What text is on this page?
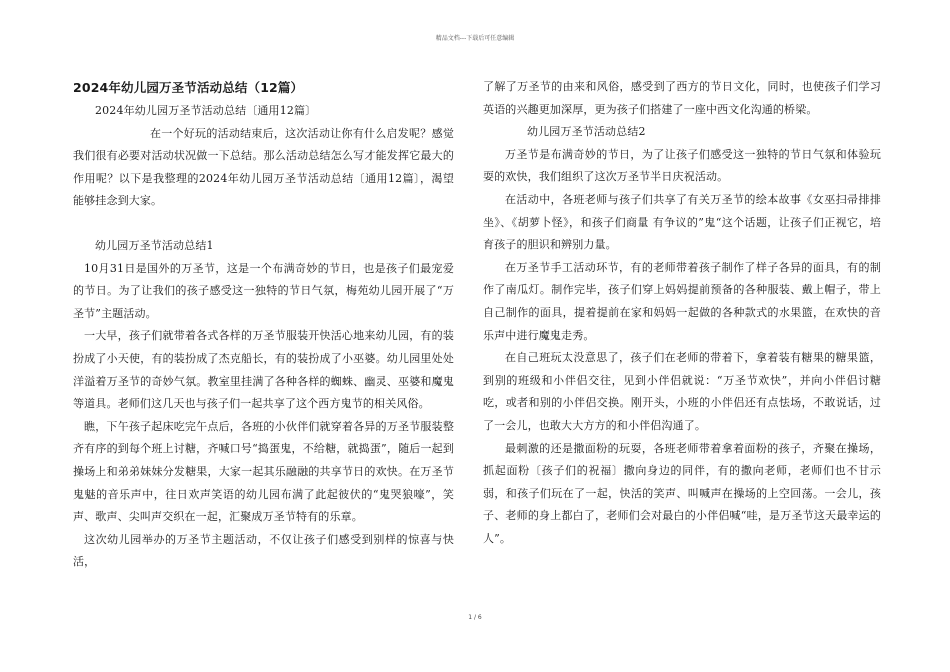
精品文档---下载后可任意编辑
2024年幼儿园万圣节活动总结（12篇）

2024年幼儿园万圣节活动总结〔通用12篇〕

在一个好玩的活动结束后，这次活动让你有什么启发呢？感觉我们很有必要对活动状况做一下总结。那么活动总结怎么写才能发挥它最大的作用呢？以下是我整理的2024年幼儿园万圣节活动总结〔通用12篇〕，渴望能够挂念到大家。

幼儿园万圣节活动总结1

10月31日是国外的万圣节，这是一个布满奇妙的节日，也是孩子们最宠爱的节日。为了让我们的孩子感受这一独特的节日气氛，梅苑幼儿园开展了“万圣节”主题活动。

一大早，孩子们就带着各式各样的万圣节服装开快活心地来幼儿园，有的装扮成了小天使，有的装扮成了杰克船长，有的装扮成了小巫婆。幼儿园里处处洋溢着万圣节的奇妙气氛。教室里挂满了各种各样的蜘蛛、幽灵、巫婆和魔鬼等道具。老师们这几天也与孩子们一起共享了这个西方鬼节的相关风俗。

瞧，下午孩子起床吃完午点后，各班的小伙伴们就穿着各异的万圣节服装整齐有序的到每个班上讨糖，齐喊口号“捣蛋鬼，不给糖，就捣蛋”，随后一起到操场上和弟弟妹妹分发糖果，大家一起其乐融融的共享节日的欢快。在万圣节鬼魅的音乐声中，往日欢声笑语的幼儿园布满了此起彼伏的“鬼哭狼嚎”，笑声、歌声、尖叫声交织在一起，汇聚成万圣节特有的乐章。

这次幼儿园举办的万圣节主题活动，不仅让孩子们感受到别样的惊喜与快活，

了解了万圣节的由来和风俗，感受到了西方的节日文化，同时，也使孩子们学习英语的兴趣更加深厚，更为孩子们搭建了一座中西文化沟通的桥梁。

幼儿园万圣节活动总结2

万圣节是布满奇妙的节日，为了让孩子们感受这一独特的节日气氛和体验玩耍的欢快，我们组织了这次万圣节半日庆祝活动。

在活动中，各班老师与孩子们共享了有关万圣节的绘本故事《女巫扫帚排排坐》、《胡萝卜怪》，和孩子们商量 有争议的”鬼“这个话题，让孩子们正视它，培育孩子的胆识和辨别力量。

在万圣节手工活动环节，有的老师带着孩子制作了样子各异的面具，有的制作了南瓜灯。制作完毕，孩子们穿上妈妈提前预备的各种服装、戴上帽子，带上自己制作的面具，提着提前在家和妈妈一起做的各种款式的水果篮，在欢快的音乐声中进行魔鬼走秀。

在自己班玩太没意思了，孩子们在老师的带着下，拿着装有糖果的糖果篮，到别的班级和小伴侣交往，见到小伴侣就说：“万圣节欢快”，并向小伴侣讨糖吃，或者和别的小伴侣交换。刚开头，小班的小伴侣还有点怯场，不敢说话，过了一会儿，也敢大大方方的和小伴侣沟通了。

最刺激的还是撒面粉的玩耍，各班老师带着拿着面粉的孩子，齐聚在操场，抓起面粉〔孩子们的祝福〕撒向身边的同伴，有的撒向老师，老师们也不甘示弱，和孩子们玩在了一起，快活的笑声、叫喊声在操场的上空回荡。一会儿，孩子、老师的身上都白了，老师们会对最白的小伴侣喊“哇，是万圣节这天最幸运的人”。

1 / 6
